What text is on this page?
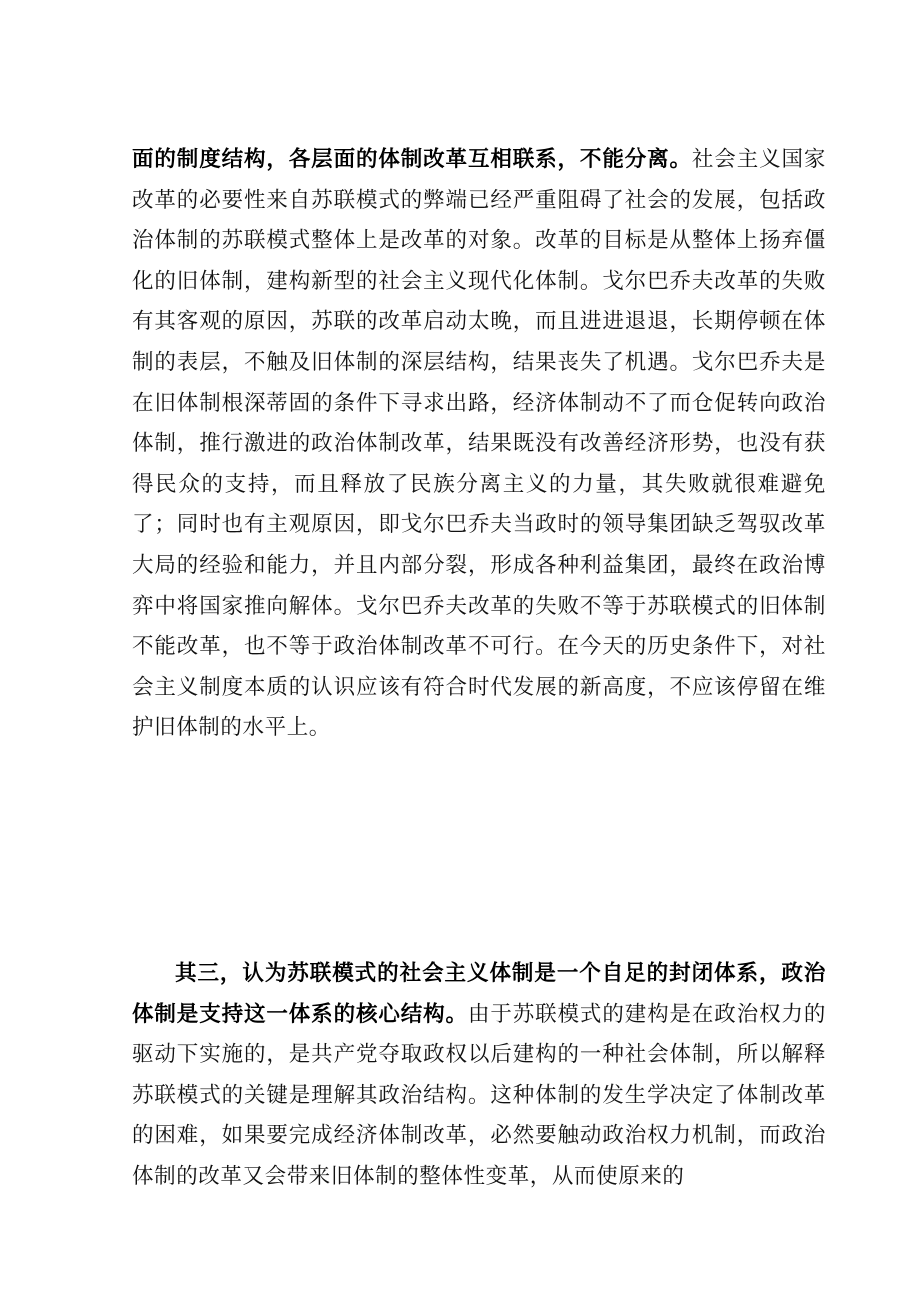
面的制度结构，各层面的体制改革互相联系，不能分离。社会主义国家改革的必要性来自苏联模式的弊端已经严重阻碍了社会的发展，包括政治体制的苏联模式整体上是改革的对象。改革的目标是从整体上扬弃僵化的旧体制，建构新型的社会主义现代化体制。戈尔巴乔夫改革的失败有其客观的原因，苏联的改革启动太晚，而且进进退退，长期停顿在体制的表层，不触及旧体制的深层结构，结果丧失了机遇。戈尔巴乔夫是在旧体制根深蒂固的条件下寻求出路，经济体制动不了而仓促转向政治体制，推行激进的政治体制改革，结果既没有改善经济形势，也没有获得民众的支持，而且释放了民族分离主义的力量，其失败就很难避免了；同时也有主观原因，即戈尔巴乔夫当政时的领导集团缺乏驾驭改革大局的经验和能力，并且内部分裂，形成各种利益集团，最终在政治博弈中将国家推向解体。戈尔巴乔夫改革的失败不等于苏联模式的旧体制不能改革，也不等于政治体制改革不可行。在今天的历史条件下，对社会主义制度本质的认识应该有符合时代发展的新高度，不应该停留在维护旧体制的水平上。

其三，认为苏联模式的社会主义体制是一个自足的封闭体系，政治体制是支持这一体系的核心结构。由于苏联模式的建构是在政治权力的驱动下实施的，是共产党夺取政权以后建构的一种社会体制，所以解释苏联模式的关键是理解其政治结构。这种体制的发生学决定了体制改革的困难，如果要完成经济体制改革，必然要触动政治权力机制，而政治体制的改革又会带来旧体制的整体性变革，从而使原来的
